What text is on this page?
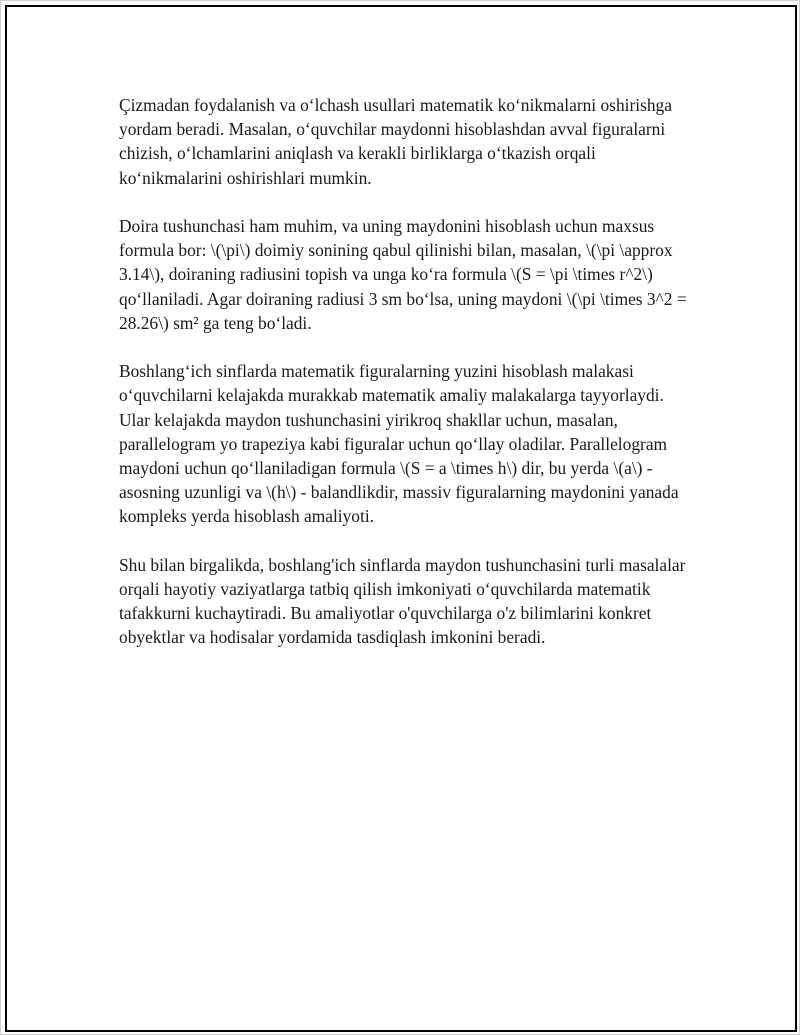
Çizmadan foydalanish va oʻlchash usullari matematik koʻnikmalarni oshirishga yordam beradi. Masalan, oʻquvchilar maydonni hisoblashdan avval figuralarni chizish, oʻlchamlarini aniqlash va kerakli birliklarga oʻtkazish orqali koʻnikmalarini oshirishlari mumkin.

Doira tushunchasi ham muhim, va uning maydonini hisoblash uchun maxsus formula bor: \(\pi\) doimiy sonining qabul qilinishi bilan, masalan, \(\pi \approx 3.14\), doiraning radiusini topish va unga koʻra formula \(S = \pi \times r^2\) qoʻllaniladi. Agar doiraning radiusi 3 sm boʻlsa, uning maydoni \(\pi \times 3^2 = 28.26\) sm² ga teng boʻladi.

Boshlangʻich sinflarda matematik figuralarning yuzini hisoblash malakasi oʻquvchilarni kelajakda murakkab matematik amaliy malakalarga tayyorlaydi. Ular kelajakda maydon tushunchasini yirikroq shakllar uchun, masalan, parallelogram yo trapeziya kabi figuralar uchun qoʻllay oladilar. Parallelogram maydoni uchun qoʻllaniladigan formula \(S = a \times h\) dir, bu yerda \(a\) - asosning uzunligi va \(h\) - balandlikdir, massiv figuralarning maydonini yanada kompleks yerda hisoblash amaliyoti.

Shu bilan birgalikda, boshlang'ich sinflarda maydon tushunchasini turli masalalar orqali hayotiy vaziyatlarga tatbiq qilish imkoniyati oʻquvchilarda matematik tafakkurni kuchaytiradi. Bu amaliyotlar o'quvchilarga o'z bilimlarini konkret obyektlar va hodisalar yordamida tasdiqlash imkonini beradi.
